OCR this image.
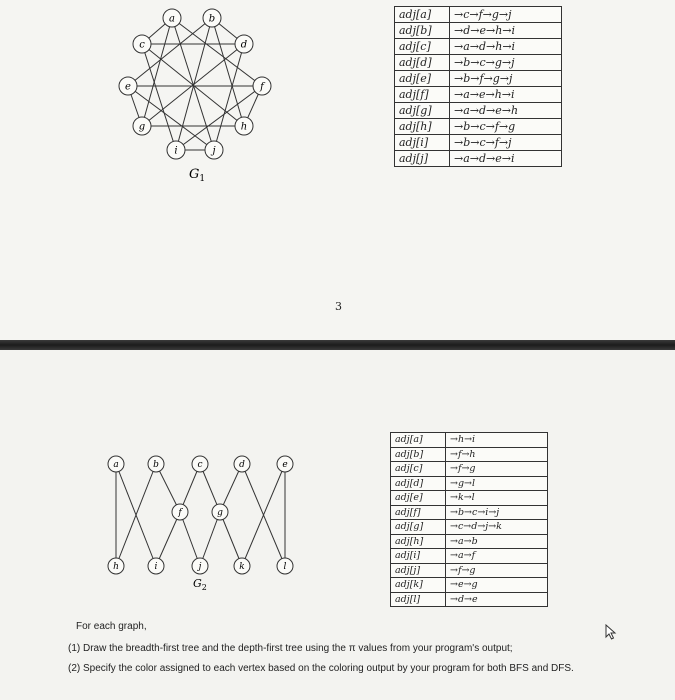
a	b
c	d
e	f
g	h
i	j
$G_1$
adj[a]	→c→f→g→j
adj[b]	→d→e→h→i
adj[c]	→a→d→h→i
adj[d]	→b→c→g→j
adj[e]	→b→f→g→j
adj[f]	→a→e→h→i
adj[g]	→a→d→e→h
adj[h]	→b→c→f→g
adj[i]	→b→c→f→j
adj[j]	→a→d→e→i
3
a	b	c	d	e
f	g
h	i	j	k	l
$G_2$
adj[a]	→h→i
adj[b]	→f→h
adj[c]	→f→g
adj[d]	→g→l
adj[e]	→k→l
adj[f]	→b→c→i→j
adj[g]	→c→d→j→k
adj[h]	→a→b
adj[i]	→a→f
adj[j]	→f→g
adj[k]	→e→g
adj[l]	→d→e
For each graph,
(1) Draw the breadth-first tree and the depth-first tree using the π values from your program's output;
(2) Specify the color assigned to each vertex based on the coloring output by your program for both BFS and DFS.
